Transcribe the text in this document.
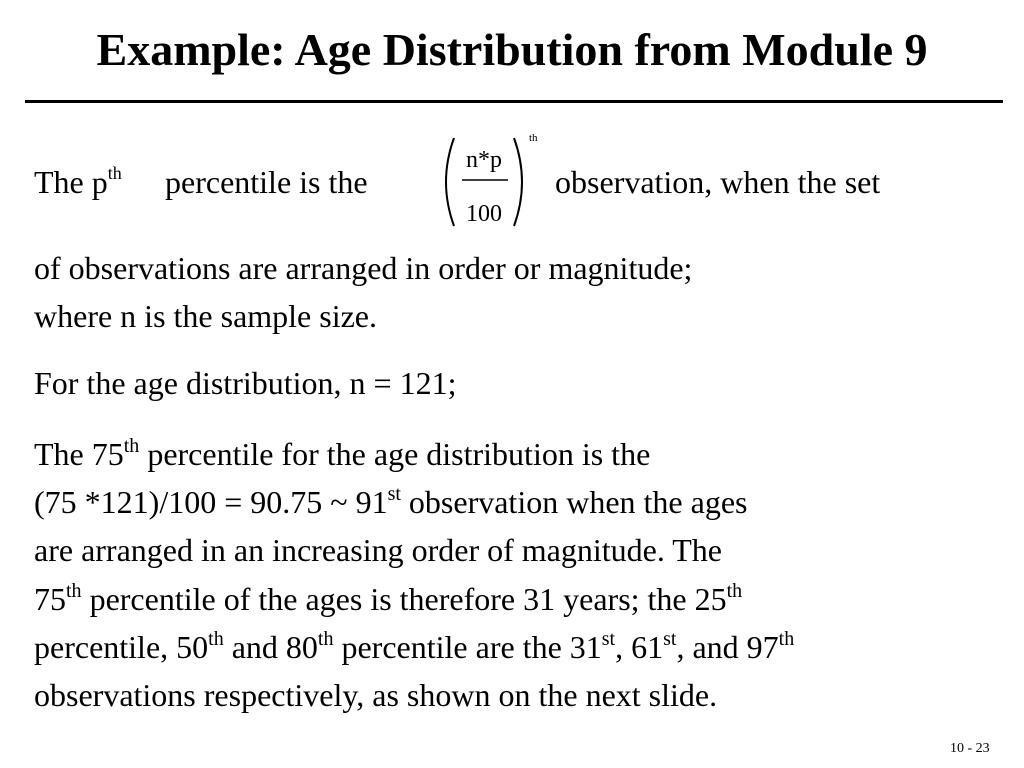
Example: Age Distribution from Module 9
The $p^{th}$ percentile is the
n*p
100
th
observation, when the set
of observations are arranged in order or magnitude;
where n is the sample size.
For the age distribution, n = 121;
The 75th percentile for the age distribution is the
(75 *121)/100 = 90.75 ~ 91st observation when the ages
are arranged in an increasing order of magnitude. The
75th percentile of the ages is therefore 31 years; the 25th
percentile, 50th and 80th percentile are the 31st, 61st, and 97th
observations respectively, as shown on the next slide.
10 - 23
